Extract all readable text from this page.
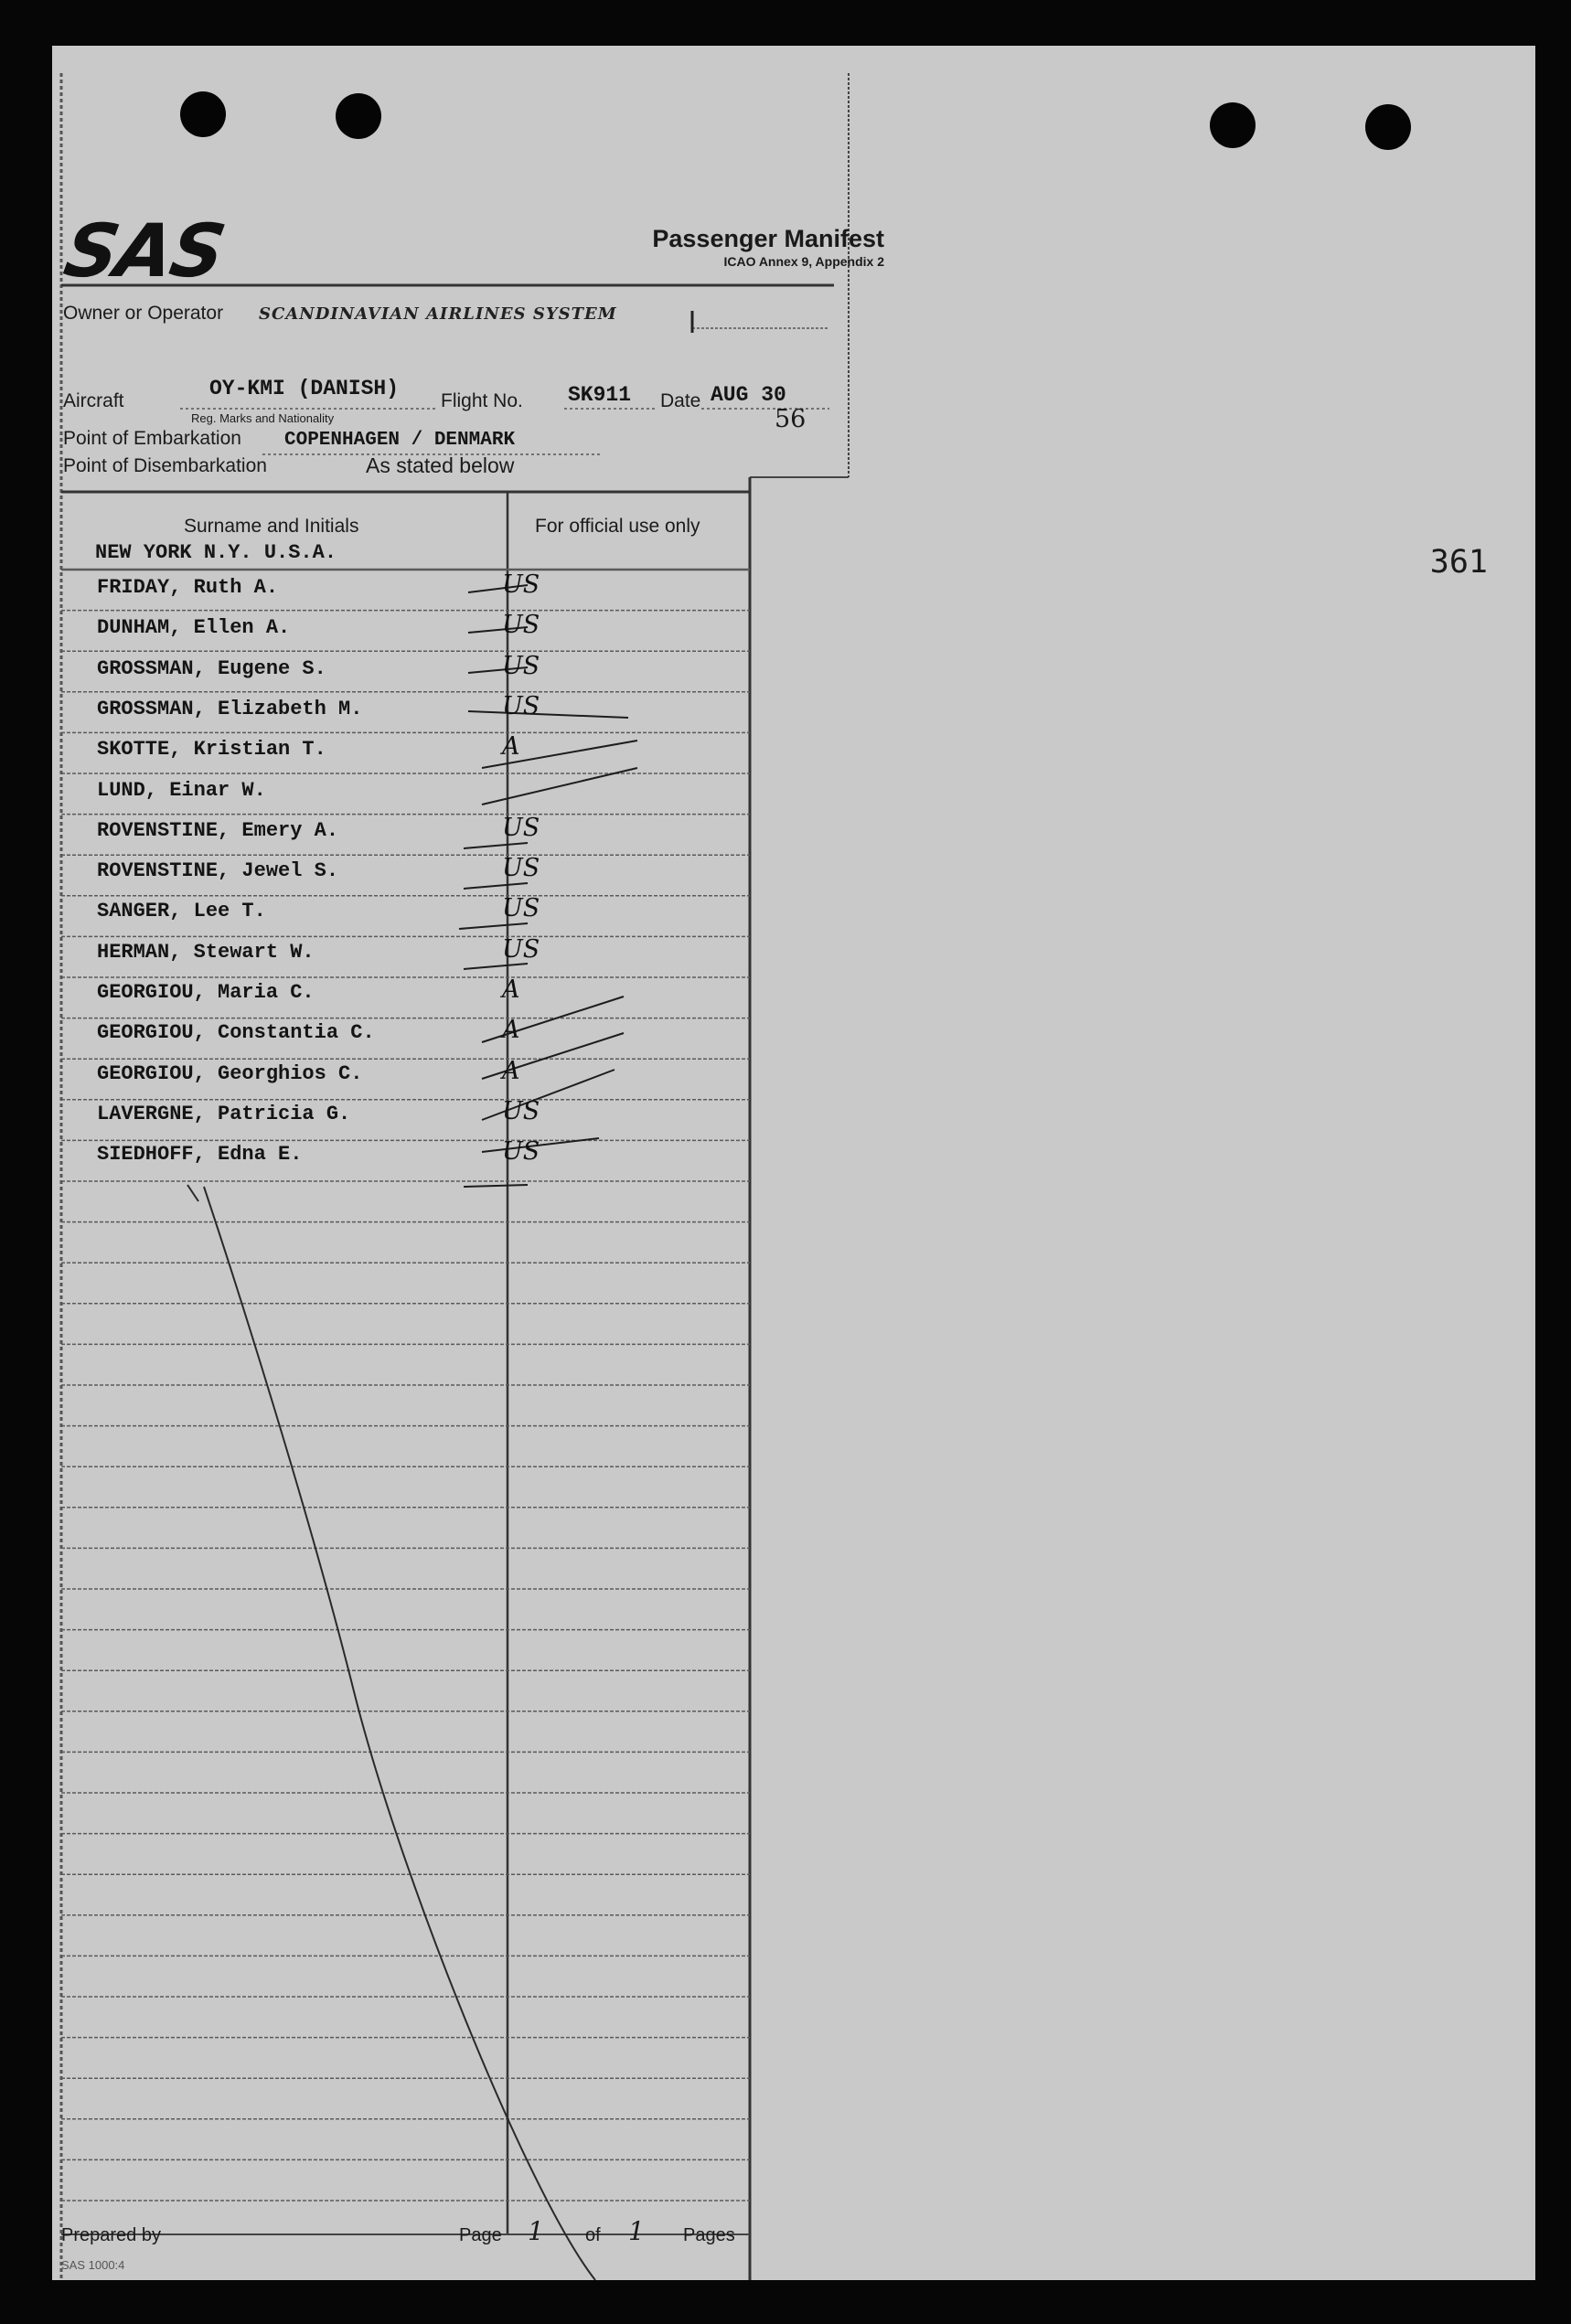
SAS	Passenger Manifest
ICAO Annex 9, Appendix 2
Owner or Operator SCANDINAVIAN AIRLINES SYSTEM
Aircraft
OY-KMI (DANISH)
Reg. Marks and Nationality
Flight No. SK911 Date AUG 30
56
Point of Embarkation COPENHAGEN / DENMARK
Point of Disembarkation	As stated below
Surname and Initials	For official use only
NEW YORK N.Y. U.S.A.
FRIDAY, Ruth A.	US
DUNHAM, Ellen A.	US
GROSSMAN, Eugene S.	US
GROSSMAN, Elizabeth M.	US
SKOTTE, Kristian T.	A
LUND, Einar W.
ROVENSTINE, Emery A.	US
ROVENSTINE, Jewel S.	US
SANGER, Lee T.	US
HERMAN, Stewart W.	US
GEORGIOU, Maria C.	A
GEORGIOU, Constantia C.	A
GEORGIOU, Georghios C.	A
LAVERGNE, Patricia G.	US
SIEDHOFF, Edna E.	US
Prepared by	Page 1 of 1 Pages
SAS 1000:4
361
